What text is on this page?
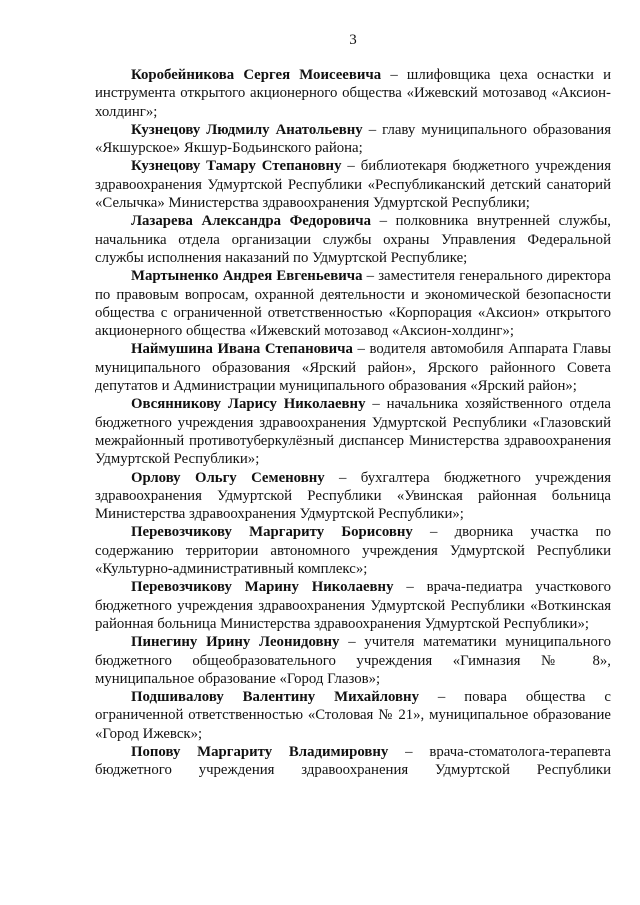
3

Коробейникова Сергея Моисеевича – шлифовщика цеха оснастки и инструмента открытого акционерного общества «Ижевский мотозавод «Аксион-холдинг»;

Кузнецову Людмилу Анатольевну – главу муниципального образования «Якшурское» Якшур-Бодьинского района;

Кузнецову Тамару Степановну – библиотекаря бюджетного учреждения здравоохранения Удмуртской Республики «Республиканский детский санаторий «Селычка» Министерства здравоохранения Удмуртской Республики;

Лазарева Александра Федоровича – полковника внутренней службы, начальника отдела организации службы охраны Управления Федеральной службы исполнения наказаний по Удмуртской Республике;

Мартыненко Андрея Евгеньевича – заместителя генерального директора по правовым вопросам, охранной деятельности и экономической безопасности общества с ограниченной ответственностью «Корпорация «Аксион» открытого акционерного общества «Ижевский мотозавод «Аксион-холдинг»;

Наймушина Ивана Степановича – водителя автомобиля Аппарата Главы муниципального образования «Ярский район», Ярского районного Совета депутатов и Администрации муниципального образования «Ярский район»;

Овсянникову Ларису Николаевну – начальника хозяйственного отдела бюджетного учреждения здравоохранения Удмуртской Республики «Глазовский межрайонный противотуберкулёзный диспансер Министерства здравоохранения Удмуртской Республики»;

Орлову Ольгу Семеновну – бухгалтера бюджетного учреждения здравоохранения Удмуртской Республики «Увинская районная больница Министерства здравоохранения Удмуртской Республики»;

Перевозчикову Маргариту Борисовну – дворника участка по содержанию территории автономного учреждения Удмуртской Республики «Культурно-административный комплекс»;

Перевозчикову Марину Николаевну – врача-педиатра участкового бюджетного учреждения здравоохранения Удмуртской Республики «Воткинская районная больница Министерства здравоохранения Удмуртской Республики»;

Пинегину Ирину Леонидовну – учителя математики муниципального бюджетного общеобразовательного учреждения «Гимназия № 8», муниципальное образование «Город Глазов»;

Подшивалову Валентину Михайловну – повара общества с ограниченной ответственностью «Столовая № 21», муниципальное образование «Город Ижевск»;

Попову Маргариту Владимировну – врача-стоматолога-терапевта бюджетного учреждения здравоохранения Удмуртской Республики
